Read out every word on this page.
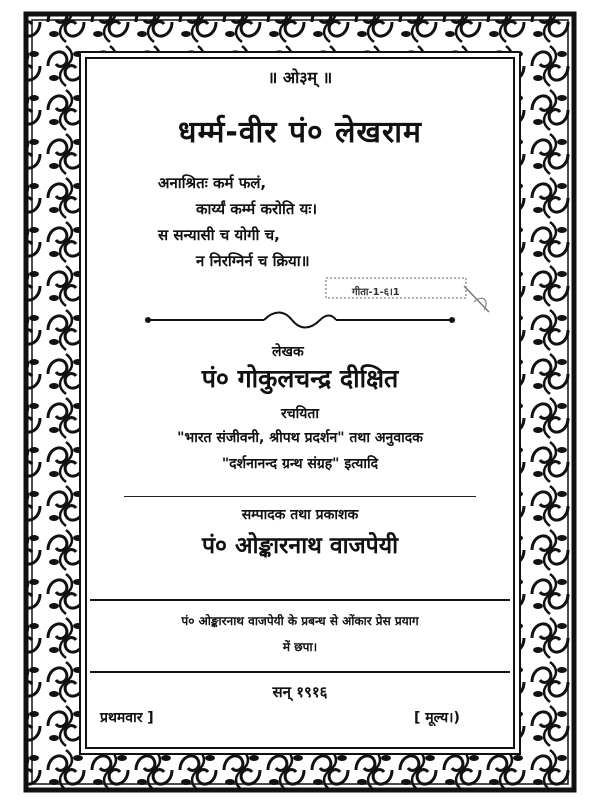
॥ ओ३म् ॥
धर्म्म-वीर पं० लेखराम
अनाश्रितः कर्म फलं,
कार्य्यं कर्म्म करोति यः।
स सन्यासी च योगी च,
न निरग्निर्न च क्रिया॥
गीता-1-६।1
लेखक
पं० गोकुलचन्द्र दीक्षित
रचयिता
"भारत संजीवनी, श्रीपथ प्रदर्शन" तथा अनुवादक
"दर्शनानन्द ग्रन्थ संग्रह" इत्यादि
सम्पादक तथा प्रकाशक
पं० ओङ्कारनाथ वाजपेयी
पं० ओङ्कारनाथ वाजपेयी के प्रबन्ध से ओंकार प्रेस प्रयाग
में छपा।
सन् १९१६
प्रथमवार ]	[ मूल्य।)
